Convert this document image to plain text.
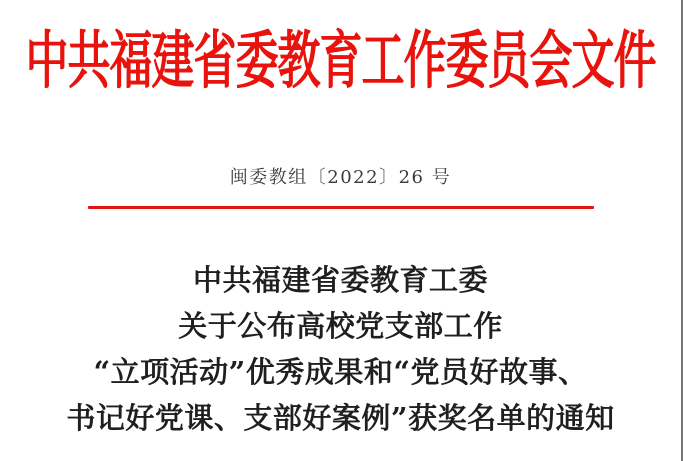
中共福建省委教育工作委员会文件
闽委教组〔2022〕26 号
中共福建省委教育工委
关于公布高校党支部工作
“立项活动”优秀成果和“党员好故事、
书记好党课、支部好案例”获奖名单的通知
